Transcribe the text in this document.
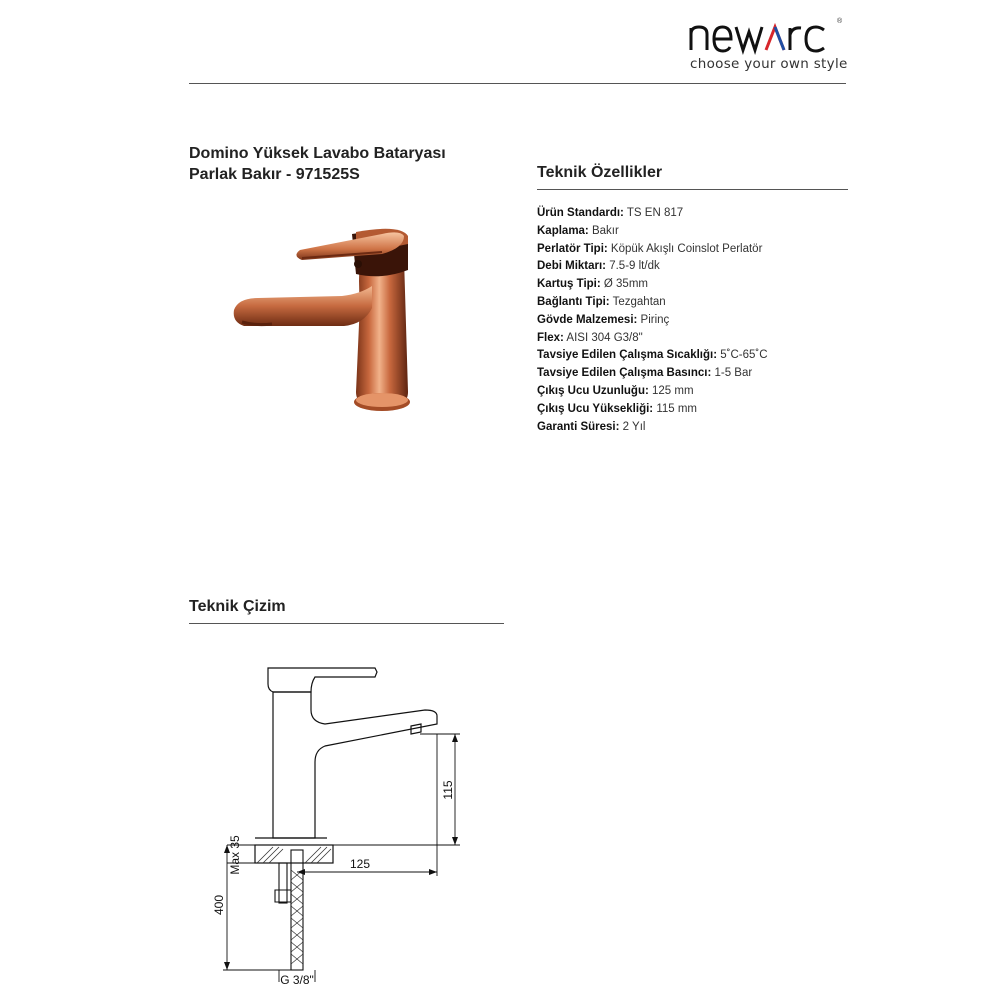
®
choose your own style
Domino Yüksek Lavabo Bataryası
Parlak Bakır - 971525S	Teknik Özellikler
Ürün Standardı: TS EN 817
Kaplama: Bakır
Perlatör Tipi: Köpük Akışlı Coinslot Perlatör
Debi Miktarı: 7.5-9 lt/dk
Kartuş Tipi: Ø 35mm
Bağlantı Tipi: Tezgahtan
Gövde Malzemesi: Pirinç
Flex: AISI 304 G3/8"
Tavsiye Edilen Çalışma Sıcaklığı: 5˚C-65˚C
Tavsiye Edilen Çalışma Basıncı: 1-5 Bar
Çıkış Ucu Uzunluğu: 125 mm
Çıkış Ucu Yüksekliği: 115 mm
Garanti Süresi: 2 Yıl
Teknik Çizim
115
125
Max 35
400
G 3/8"
